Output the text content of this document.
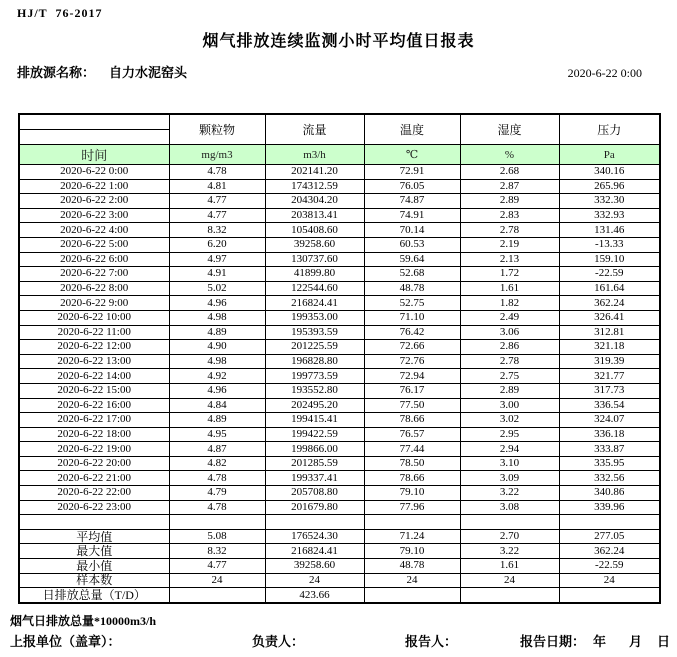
HJ/T  76-2017
烟气排放连续监测小时平均值日报表
排放源名称： 自力水泥窑头	2020-6-22 0:00
	颗粒物	流量	温度	湿度	压力

时间	mg/m3	m3/h	℃	%	Pa
2020-6-22 0:00	4.78	202141.20	72.91	2.68	340.16
2020-6-22 1:00	4.81	174312.59	76.05	2.87	265.96
2020-6-22 2:00	4.77	204304.20	74.87	2.89	332.30
2020-6-22 3:00	4.77	203813.41	74.91	2.83	332.93
2020-6-22 4:00	8.32	105408.60	70.14	2.78	131.46
2020-6-22 5:00	6.20	39258.60	60.53	2.19	-13.33
2020-6-22 6:00	4.97	130737.60	59.64	2.13	159.10
2020-6-22 7:00	4.91	41899.80	52.68	1.72	-22.59
2020-6-22 8:00	5.02	122544.60	48.78	1.61	161.64
2020-6-22 9:00	4.96	216824.41	52.75	1.82	362.24
2020-6-22 10:00	4.98	199353.00	71.10	2.49	326.41
2020-6-22 11:00	4.89	195393.59	76.42	3.06	312.81
2020-6-22 12:00	4.90	201225.59	72.66	2.86	321.18
2020-6-22 13:00	4.98	196828.80	72.76	2.78	319.39
2020-6-22 14:00	4.92	199773.59	72.94	2.75	321.77
2020-6-22 15:00	4.96	193552.80	76.17	2.89	317.73
2020-6-22 16:00	4.84	202495.20	77.50	3.00	336.54
2020-6-22 17:00	4.89	199415.41	78.66	3.02	324.07
2020-6-22 18:00	4.95	199422.59	76.57	2.95	336.18
2020-6-22 19:00	4.87	199866.00	77.44	2.94	333.87
2020-6-22 20:00	4.82	201285.59	78.50	3.10	335.95
2020-6-22 21:00	4.78	199337.41	78.66	3.09	332.56
2020-6-22 22:00	4.79	205708.80	79.10	3.22	340.86
2020-6-22 23:00	4.78	201679.80	77.96	3.08	339.96

平均值	5.08	176524.30	71.24	2.70	277.05
最大值	8.32	216824.41	79.10	3.22	362.24
最小值	4.77	39258.60	48.78	1.61	-22.59
样本数	24	24	24	24	24
日排放总量（T/D）		423.66			
烟气日排放总量*10000m3/h
上报单位（盖章）：	负责人：	报告人：	报告日期： 年 月 日
